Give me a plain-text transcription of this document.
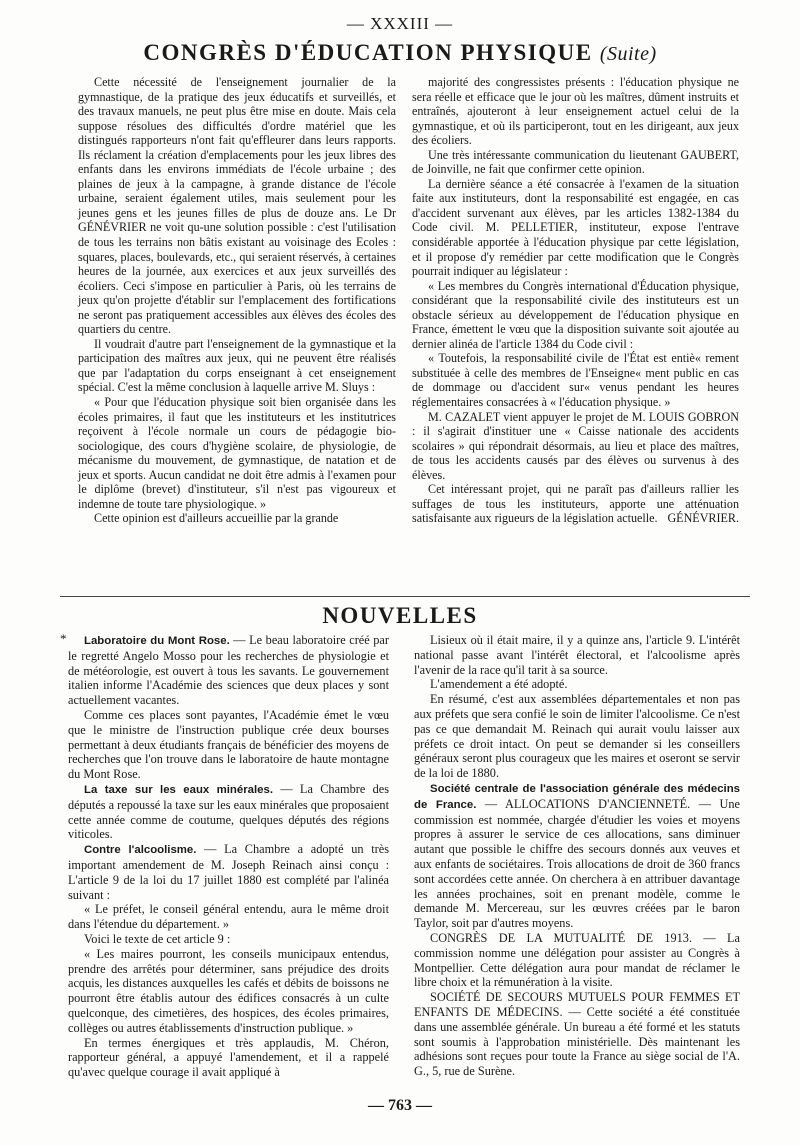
— XXXIII —
CONGRÈS D'ÉDUCATION PHYSIQUE (Suite)

Cette nécessité de l'enseignement journalier de la gymnastique, de la pratique des jeux éducatifs et surveillés, et des travaux manuels, ne peut plus être mise en doute. Mais cela suppose résolues des difficultés d'ordre matériel que les distingués rapporteurs n'ont fait qu'effleurer dans leurs rapports. Ils réclament la création d'emplacements pour les jeux libres des enfants dans les environs immédiats de l'école urbaine ; des plaines de jeux à la campagne, à grande distance de l'école urbaine, seraient également utiles, mais seulement pour les jeunes gens et les jeunes filles de plus de douze ans. Le Dr GÉNÉVRIER ne voit qu-une solution possible : c'est l'utilisation de tous les terrains non bâtis existant au voisinage des Ecoles : squares, places, boulevards, etc., qui seraient réservés, à certaines heures de la journée, aux exercices et aux jeux surveillés des écoliers. Ceci s'impose en particulier à Paris, où les terrains de jeux qu'on projette d'établir sur l'emplacement des fortifications ne seront pas pratiquement accessibles aux élèves des écoles des quartiers du centre.

Il voudrait d'autre part l'enseignement de la gymnastique et la participation des maîtres aux jeux, qui ne peuvent être réalisés que par l'adaptation du corps enseignant à cet enseignement spécial. C'est la même conclusion à laquelle arrive M. Sluys :

« Pour que l'éducation physique soit bien organisée dans les écoles primaires, il faut que les instituteurs et les institutrices reçoivent à l'école normale un cours de pédagogie bio-sociologique, des cours d'hygiène scolaire, de physiologie, de mécanisme du mouvement, de gymnastique, de natation et de jeux et sports. Aucun candidat ne doit être admis à l'examen pour le diplôme (brevet) d'instituteur, s'il n'est pas vigoureux et indemne de toute tare physiologique. »

Cette opinion est d'ailleurs accueillie par la grande

majorité des congressistes présents : l'éducation physique ne sera réelle et efficace que le jour où les maîtres, dûment instruits et entraînés, ajouteront à leur enseignement actuel celui de la gymnastique, et où ils participeront, tout en les dirigeant, aux jeux des écoliers.

Une très intéressante communication du lieutenant GAUBERT, de Joinville, ne fait que confirmer cette opinion.

La dernière séance a été consacrée à l'examen de la situation faite aux instituteurs, dont la responsabilité est engagée, en cas d'accident survenant aux élèves, par les articles 1382-1384 du Code civil. M. PELLETIER, instituteur, expose l'entrave considérable apportée à l'éducation physique par cette législation, et il propose d'y remédier par cette modification que le Congrès pourrait indiquer au législateur :

« Les membres du Congrès international d'Éducation physique, considérant que la responsabilité civile des instituteurs est un obstacle sérieux au développement de l'éducation physique en France, émettent le vœu que la disposition suivante soit ajoutée au dernier alinéa de l'article 1384 du Code civil :

« Toutefois, la responsabilité civile de l'État est entiè« rement substituée à celle des membres de l'Enseigne« ment public en cas de dommage ou d'accident sur« venus pendant les heures réglementaires consacrées à « l'éducation physique. »

M. CAZALET vient appuyer le projet de M. LOUIS GOBRON : il s'agirait d'instituer une « Caisse nationale des accidents scolaires » qui répondrait désormais, au lieu et place des maîtres, de tous les accidents causés par des élèves ou survenus à des élèves.

Cet intéressant projet, qui ne paraît pas d'ailleurs rallier les suffages de tous les instituteurs, apporte une atténuation satisfaisante aux rigueurs de la législation actuelle. GÉNÉVRIER.

NOUVELLES
*	Laboratoire du Mont Rose. — Le beau laboratoire créé par le regretté Angelo Mosso pour les recherches de physiologie et de météorologie, est ouvert à tous les savants. Le gouvernement italien informe l'Académie des sciences que deux places y sont actuellement vacantes.

Comme ces places sont payantes, l'Académie émet le vœu que le ministre de l'instruction publique crée deux bourses permettant à deux étudiants français de bénéficier des moyens de recherches que l'on trouve dans le laboratoire de haute montagne du Mont Rose.

La taxe sur les eaux minérales. — La Chambre des députés a repoussé la taxe sur les eaux minérales que proposaient cette année comme de coutume, quelques députés des régions viticoles.

Contre l'alcoolisme. — La Chambre a adopté un très important amendement de M. Joseph Reinach ainsi conçu : L'article 9 de la loi du 17 juillet 1880 est complété par l'alinéa suivant :

« Le préfet, le conseil général entendu, aura le même droit dans l'étendue du département. »

Voici le texte de cet article 9 :

« Les maires pourront, les conseils municipaux entendus, prendre des arrêtés pour déterminer, sans préjudice des droits acquis, les distances auxquelles les cafés et débits de boissons ne pourront être établis autour des édifices consacrés à un culte quelconque, des cimetières, des hospices, des écoles primaires, collèges ou autres établissements d'instruction publique. »

En termes énergiques et très applaudis, M. Chéron, rapporteur général, a appuyé l'amendement, et il a rappelé qu'avec quelque courage il avait appliqué à

Lisieux où il était maire, il y a quinze ans, l'article 9. L'intérêt national passe avant l'intérêt électoral, et l'alcoolisme après l'avenir de la race qu'il tarit à sa source.

L'amendement a été adopté.

En résumé, c'est aux assemblées départementales et non pas aux préfets que sera confié le soin de limiter l'alcoolisme. Ce n'est pas ce que demandait M. Reinach qui aurait voulu laisser aux préfets ce droit intact. On peut se demander si les conseillers généraux seront plus courageux que les maires et oseront se servir de la loi de 1880.

Société centrale de l'association générale des médecins de France. — ALLOCATIONS D'ANCIENNETÉ. — Une commission est nommée, chargée d'étudier les voies et moyens propres à assurer le service de ces allocations, sans diminuer autant que possible le chiffre des secours donnés aux veuves et aux enfants de sociétaires. Trois allocations de droit de 360 francs sont accordées cette année. On cherchera à en attribuer davantage les années prochaines, soit en prenant modèle, comme le demande M. Mercereau, sur les œuvres créées par le baron Taylor, soit par d'autres moyens.

CONGRÈS DE LA MUTUALITÉ DE 1913. — La commission nomme une délégation pour assister au Congrès à Montpellier. Cette délégation aura pour mandat de réclamer le libre choix et la rémunération à la visite.

SOCIÉTÉ DE SECOURS MUTUELS POUR FEMMES ET ENFANTS DE MÉDECINS. — Cette société a été constituée dans une assemblée générale. Un bureau a été formé et les statuts sont soumis à l'approbation ministérielle. Dès maintenant les adhésions sont reçues pour toute la France au siège social de l'A. G., 5, rue de Surène.

— 763 —
